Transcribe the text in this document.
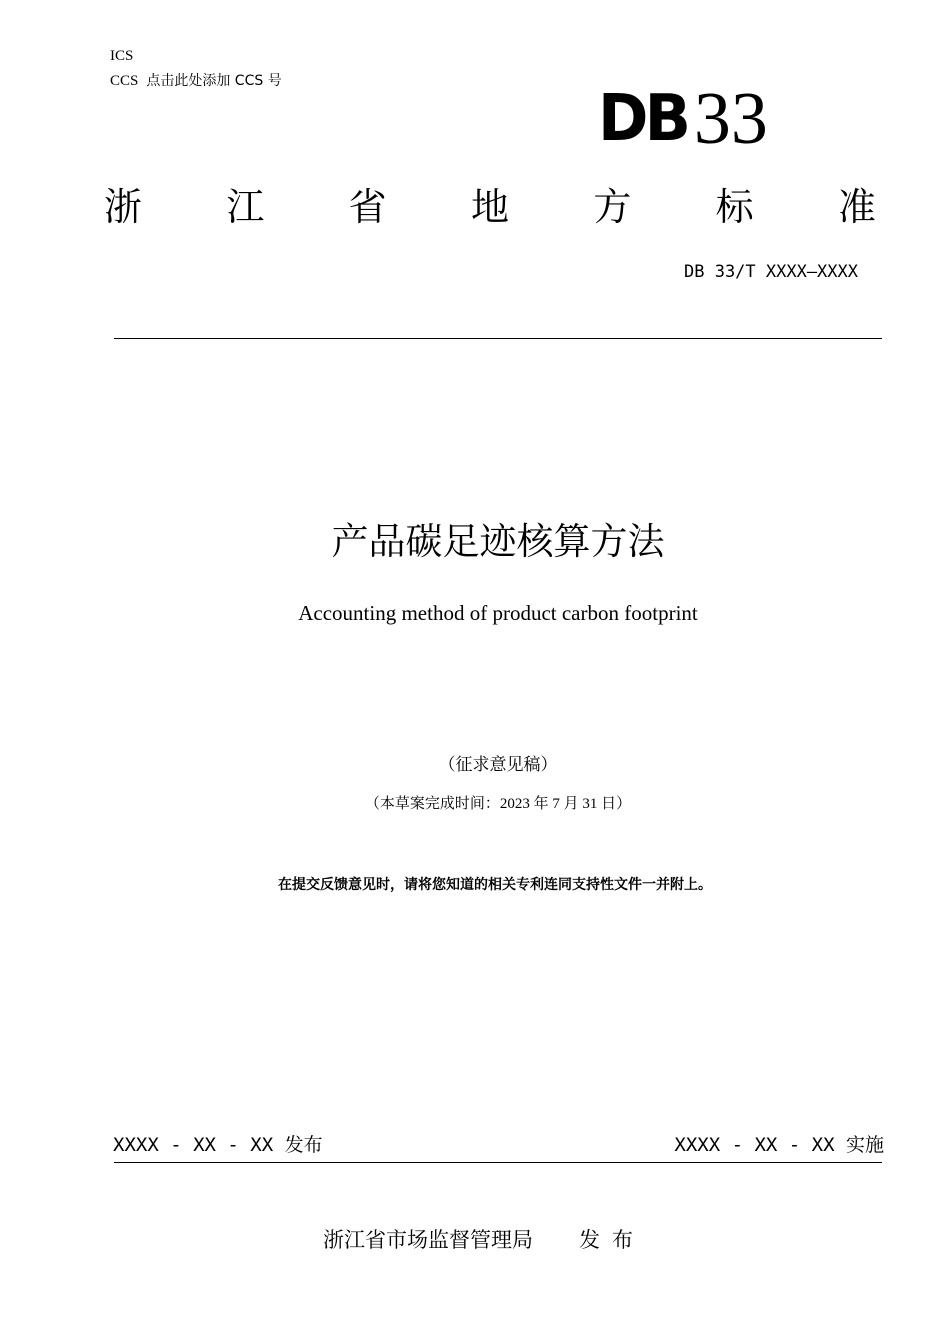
ICS
CCS 点击此处添加 CCS 号
DB33
浙 江 省 地 方 标 准
DB 33/T XXXX—XXXX
产品碳足迹核算方法
Accounting method of product carbon footprint
（征求意见稿）
（本草案完成时间：2023 年 7 月 31 日）
在提交反馈意见时，请将您知道的相关专利连同支持性文件一并附上。
XXXX - XX - XX 发布	XXXX - XX - XX 实施
浙江省市场监督管理局 发布
